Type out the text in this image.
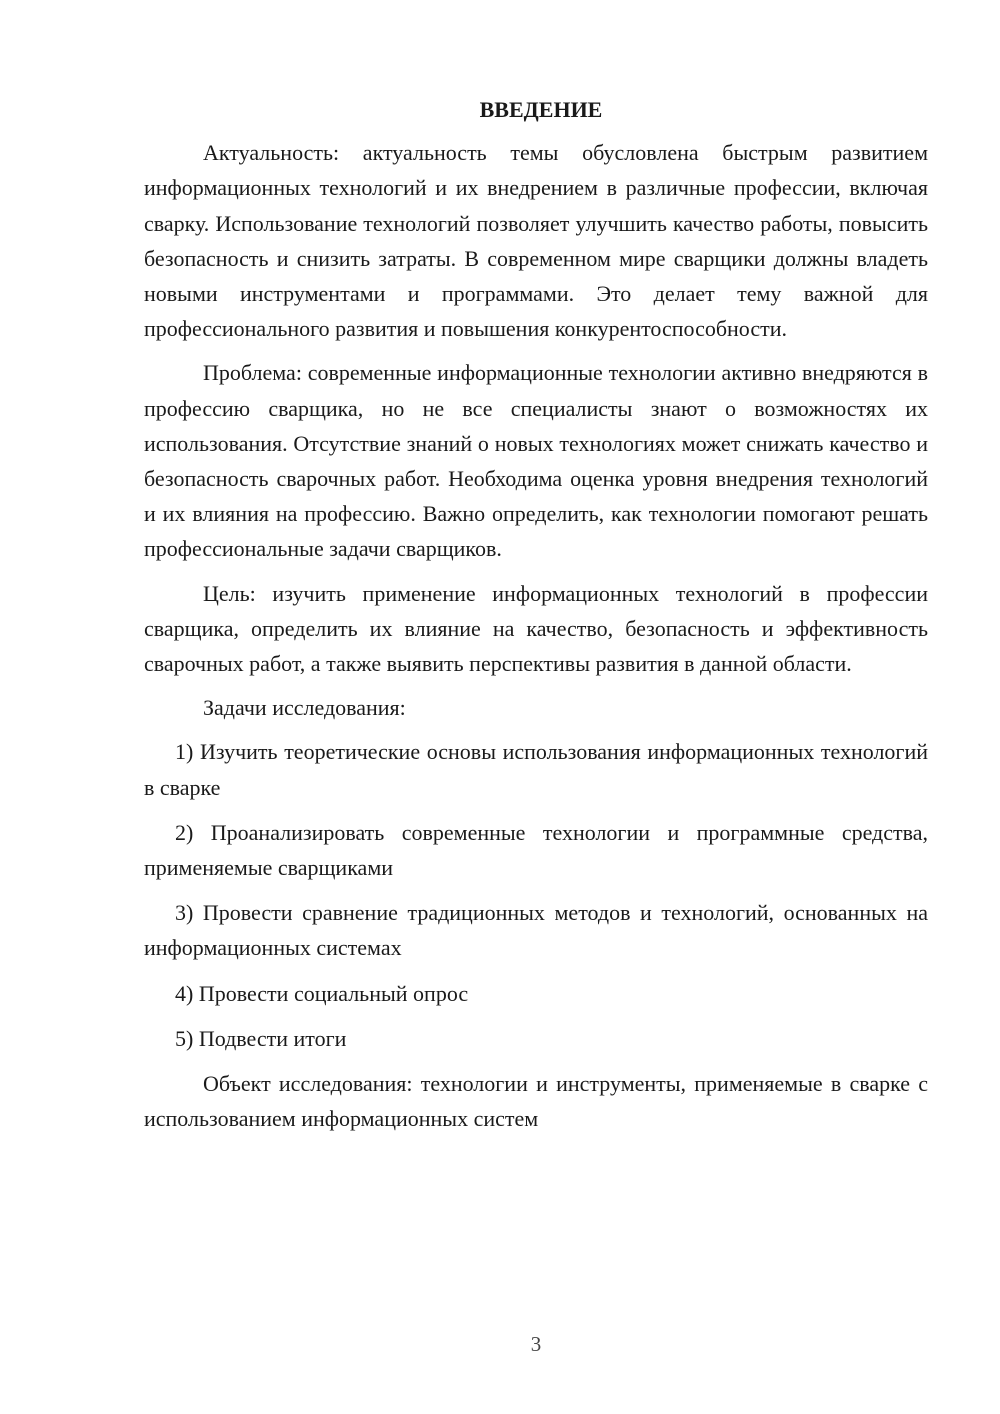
ВВЕДЕНИЕ

Актуальность: актуальность темы обусловлена быстрым развитием информационных технологий и их внедрением в различные профессии, включая сварку. Использование технологий позволяет улучшить качество работы, повысить безопасность и снизить затраты. В современном мире сварщики должны владеть новыми инструментами и программами. Это делает тему важной для профессионального развития и повышения конкурентоспособности.

Проблема: современные информационные технологии активно внедряются в профессию сварщика, но не все специалисты знают о возможностях их использования. Отсутствие знаний о новых технологиях может снижать качество и безопасность сварочных работ. Необходима оценка уровня внедрения технологий и их влияния на профессию. Важно определить, как технологии помогают решать профессиональные задачи сварщиков.

Цель: изучить применение информационных технологий в профессии сварщика, определить их влияние на качество, безопасность и эффективность сварочных работ, а также выявить перспективы развития в данной области.

Задачи исследования:

1) Изучить теоретические основы использования информационных технологий в сварке

2) Проанализировать современные технологии и программные средства, применяемые сварщиками

3) Провести сравнение традиционных методов и технологий, основанных на информационных системах

4) Провести социальный опрос

5) Подвести итоги

Объект исследования: технологии и инструменты, применяемые в сварке с использованием информационных систем

3
